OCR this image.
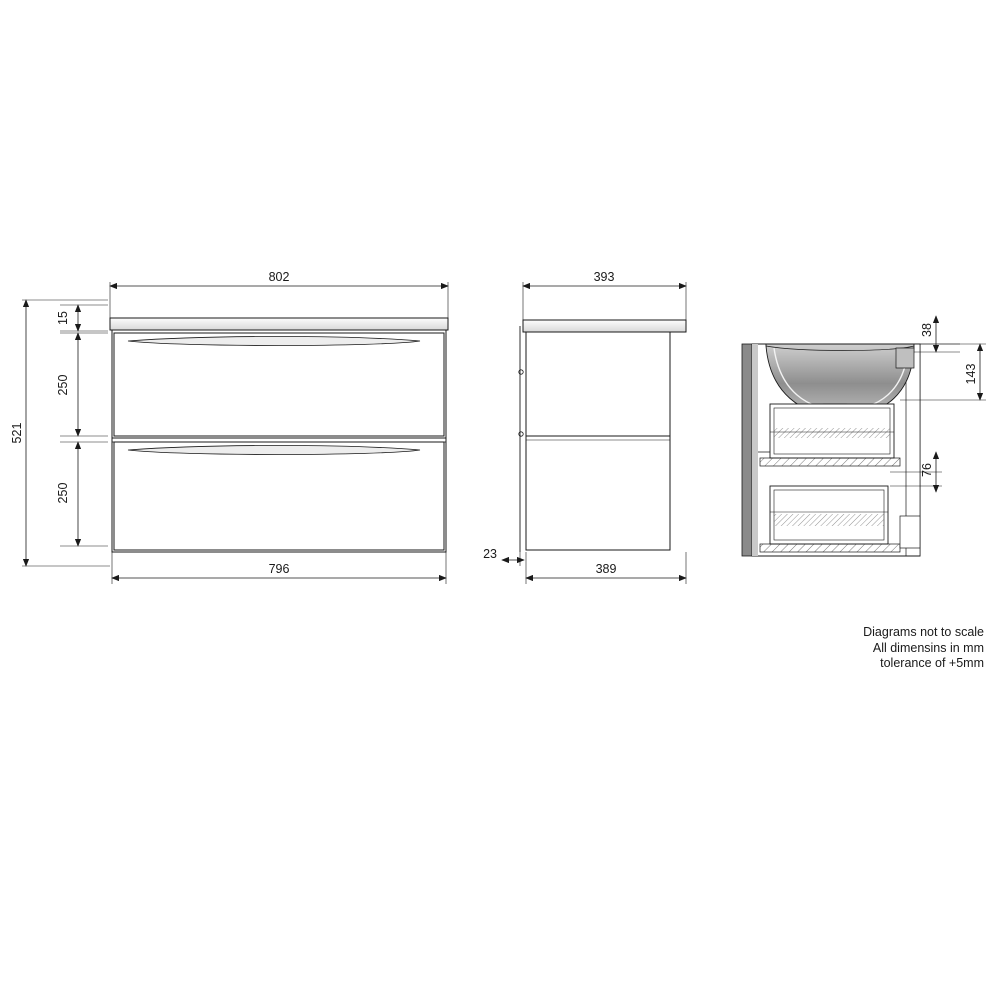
802
796
521
15
250
250
393
389
23
38
143
76
Diagrams not to scale
All dimensins in mm
tolerance of +5mm
